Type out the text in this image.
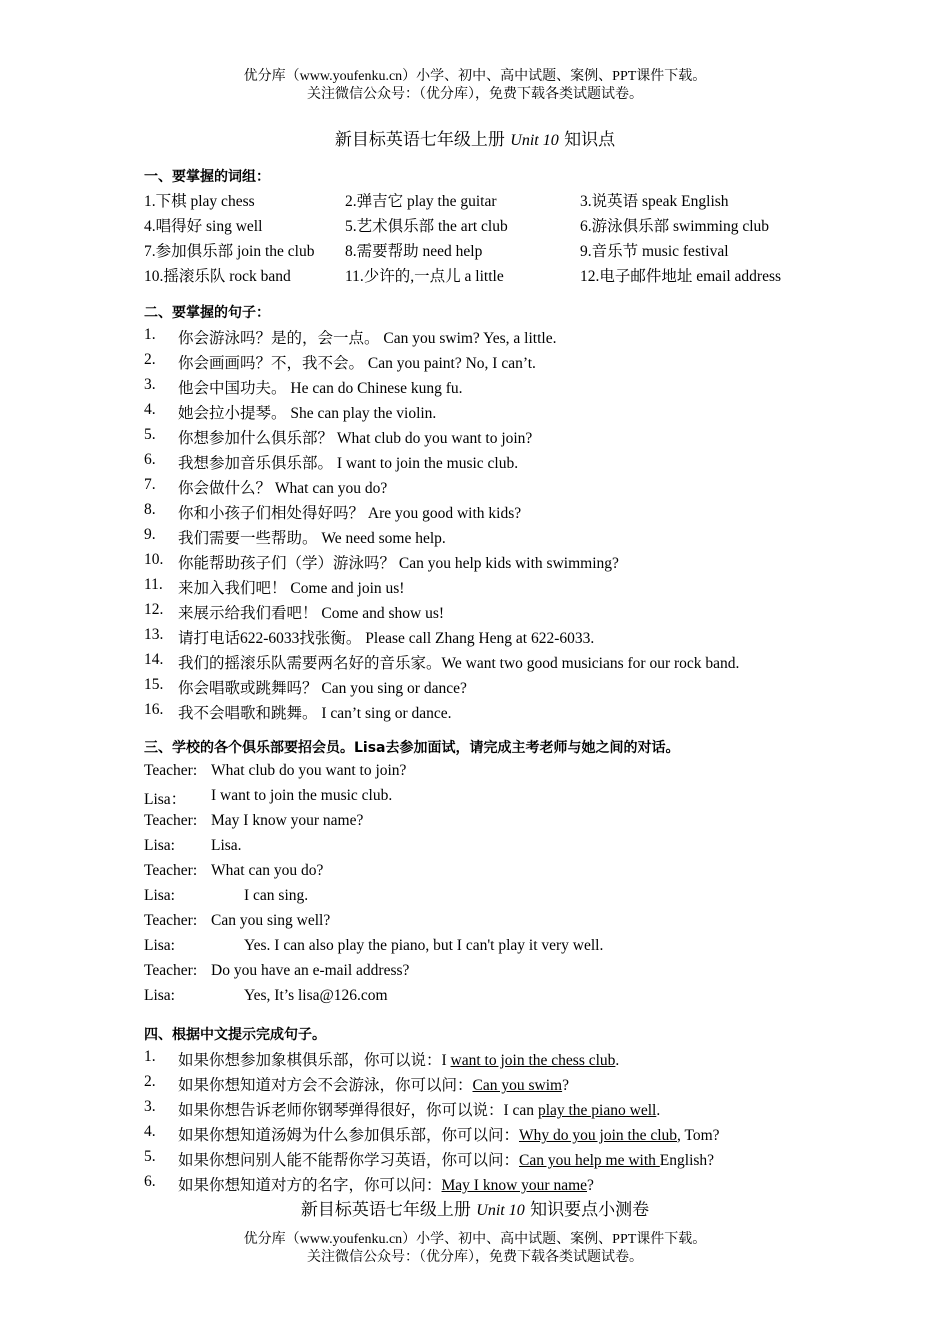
优分库（www.youfenku.cn）小学、初中、高中试题、案例、PPT课件下载。
关注微信公众号：（优分库），免费下载各类试题试卷。
新目标英语七年级上册 Unit 10 知识点
一、要掌握的词组：
1.下棋 play chess	2.弹吉它 play the guitar	3.说英语 speak English
4.唱得好 sing well	5.艺术俱乐部 the art club	6.游泳俱乐部 swimming club
7.参加俱乐部 join the club 8.需要帮助 need help	9.音乐节 music festival
10.摇滚乐队 rock band	11.少许的,一点儿 a little	12.电子邮件地址 email address
二、要掌握的句子：
1. 你会游泳吗？是的，会一点。 Can you swim? Yes, a little.
2. 你会画画吗？不，我不会。 Can you paint? No, I can’t.
3. 他会中国功夫。 He can do Chinese kung fu.
4. 她会拉小提琴。 She can play the violin.
5. 你想参加什么俱乐部？ What club do you want to join?
6. 我想参加音乐俱乐部。 I want to join the music club.
7. 你会做什么？ What can you do?
8. 你和小孩子们相处得好吗？ Are you good with kids?
9. 我们需要一些帮助。 We need some help.
10. 你能帮助孩子们（学）游泳吗？ Can you help kids with swimming?
11. 来加入我们吧！ Come and join us!
12. 来展示给我们看吧！ Come and show us!
13. 请打电话622-6033找张衡。 Please call Zhang Heng at 622-6033.
14. 我们的摇滚乐队需要两名好的音乐家。We want two good musicians for our rock band.
15. 你会唱歌或跳舞吗？ Can you sing or dance?
16. 我不会唱歌和跳舞。 I can’t sing or dance.
三、学校的各个俱乐部要招会员。Lisa去参加面试，请完成主考老师与她之间的对话。
Teacher: What club do you want to join?
Lisa： I want to join the music club.
Teacher: May I know your name?
Lisa: Lisa.
Teacher: What can you do?
Lisa:	I can sing.
Teacher: Can you sing well?
Lisa:	Yes. I can also play the piano, but I can't play it very well.
Teacher: Do you have an e-mail address?
Lisa:	Yes, It’s lisa@126.com
四、根据中文提示完成句子。
1. 如果你想参加象棋俱乐部，你可以说：I want to join the chess club.
2. 如果你想知道对方会不会游泳，你可以问：Can you swim?
3. 如果你想告诉老师你钢琴弹得很好，你可以说：I can play the piano well.
4. 如果你想知道汤姆为什么参加俱乐部，你可以问：Why do you join the club, Tom?
5. 如果你想问别人能不能帮你学习英语，你可以问：Can you help me with English?
6. 如果你想知道对方的名字，你可以问：May I know your name?
新目标英语七年级上册 Unit 10 知识要点小测卷
优分库（www.youfenku.cn）小学、初中、高中试题、案例、PPT课件下载。
关注微信公众号：（优分库），免费下载各类试题试卷。
